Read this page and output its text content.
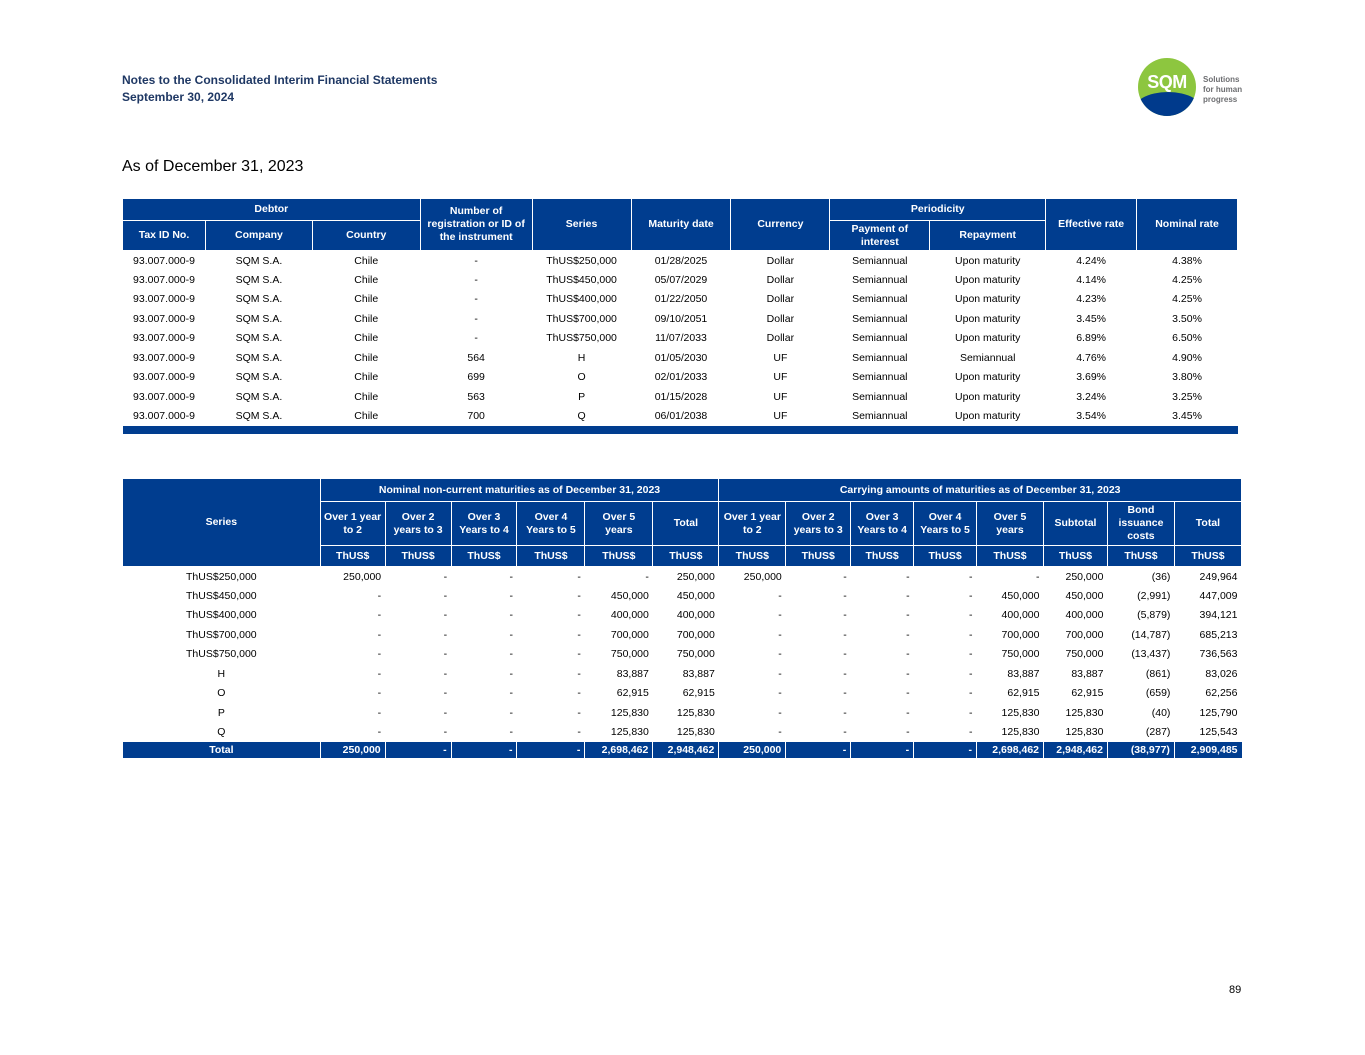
Notes to the Consolidated Interim Financial Statements
September 30, 2024
SQM	Solutions
for human
progress
As of December 31, 2023
Debtor			Number of registration or ID of the instrument	Series	Maturity date	Currency	Periodicity		Effective rate	Nominal rate
Tax ID No.	Company	Country					Payment of interest	Repayment		
93.007.000-9	SQM S.A.	Chile	-	ThUS$250,000	01/28/2025	Dollar	Semiannual	Upon maturity	4.24%	4.38%
93.007.000-9	SQM S.A.	Chile	-	ThUS$450,000	05/07/2029	Dollar	Semiannual	Upon maturity	4.14%	4.25%
93.007.000-9	SQM S.A.	Chile	-	ThUS$400,000	01/22/2050	Dollar	Semiannual	Upon maturity	4.23%	4.25%
93.007.000-9	SQM S.A.	Chile	-	ThUS$700,000	09/10/2051	Dollar	Semiannual	Upon maturity	3.45%	3.50%
93.007.000-9	SQM S.A.	Chile	-	ThUS$750,000	11/07/2033	Dollar	Semiannual	Upon maturity	6.89%	6.50%
93.007.000-9	SQM S.A.	Chile	564	H	01/05/2030	UF	Semiannual	Semiannual	4.76%	4.90%
93.007.000-9	SQM S.A.	Chile	699	O	02/01/2033	UF	Semiannual	Upon maturity	3.69%	3.80%
93.007.000-9	SQM S.A.	Chile	563	P	01/15/2028	UF	Semiannual	Upon maturity	3.24%	3.25%
93.007.000-9	SQM S.A.	Chile	700	Q	06/01/2038	UF	Semiannual	Upon maturity	3.54%	3.45%

Series	Nominal non-current maturities as of December 31, 2023						Carrying amounts of maturities as of December 31, 2023							
	Over 1 year to 2	Over 2 years to 3	Over 3 Years to 4	Over 4 Years to 5	Over 5 years	Total	Over 1 year to 2	Over 2 years to 3	Over 3 Years to 4	Over 4 Years to 5	Over 5 years	Subtotal	Bond issuance costs	Total
	ThUS$	ThUS$	ThUS$	ThUS$	ThUS$	ThUS$	ThUS$	ThUS$	ThUS$	ThUS$	ThUS$	ThUS$	ThUS$	ThUS$
ThUS$250,000	250,000	-	-	-	-	250,000	250,000	-	-	-	-	250,000	(36)	249,964
ThUS$450,000	-	-	-	-	450,000	450,000	-	-	-	-	450,000	450,000	(2,991)	447,009
ThUS$400,000	-	-	-	-	400,000	400,000	-	-	-	-	400,000	400,000	(5,879)	394,121
ThUS$700,000	-	-	-	-	700,000	700,000	-	-	-	-	700,000	700,000	(14,787)	685,213
ThUS$750,000	-	-	-	-	750,000	750,000	-	-	-	-	750,000	750,000	(13,437)	736,563
H	-	-	-	-	83,887	83,887	-	-	-	-	83,887	83,887	(861)	83,026
O	-	-	-	-	62,915	62,915	-	-	-	-	62,915	62,915	(659)	62,256
P	-	-	-	-	125,830	125,830	-	-	-	-	125,830	125,830	(40)	125,790
Q	-	-	-	-	125,830	125,830	-	-	-	-	125,830	125,830	(287)	125,543
Total	250,000	-	-	-	2,698,462	2,948,462	250,000	-	-	-	2,698,462	2,948,462	(38,977)	2,909,485
89
